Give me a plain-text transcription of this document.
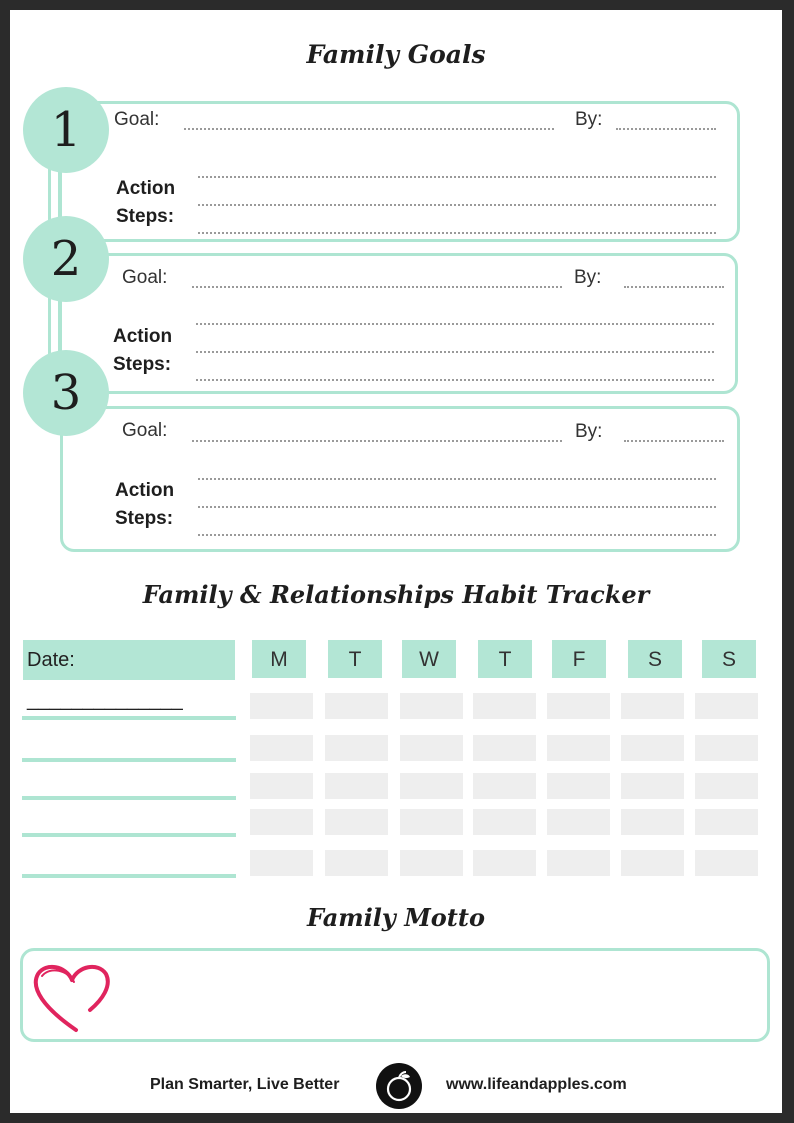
Family Goals
1	Goal:	By:
Action
Steps:
2	Goal:	By:
Action
Steps:
3
Goal:	By:
Action
Steps:
Family & Relationships Habit Tracker
Date: ______________
M	T	W	T	F	S	S
Family Motto
Plan Smarter, Live Better	www.lifeandapples.com
